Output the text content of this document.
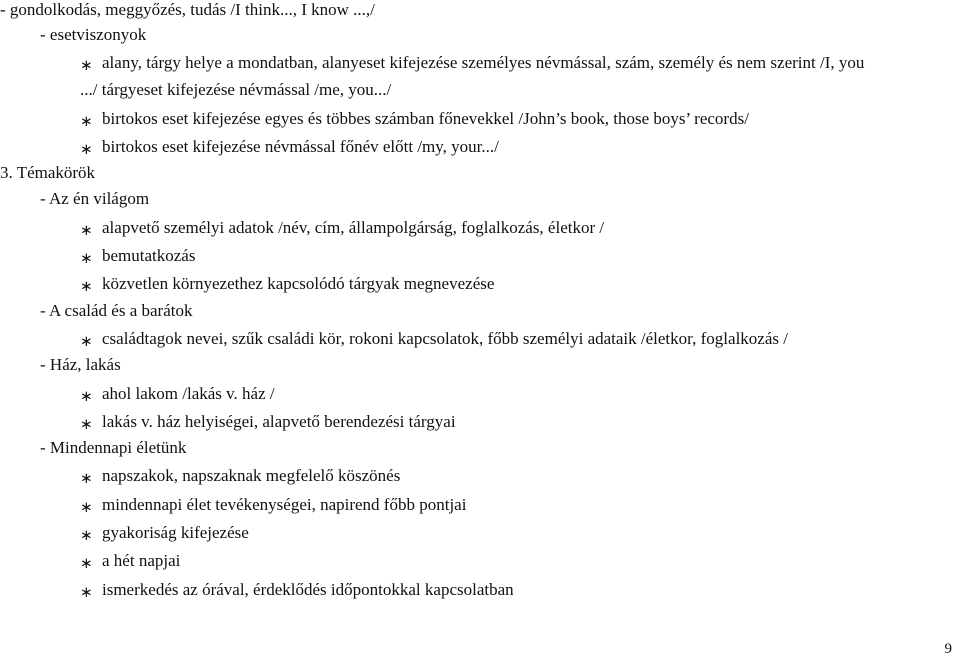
- gondolkodás, meggyőzés, tudás /I think..., I know ...,/
- esetviszonyok
∗ alany, tárgy helye a mondatban, alanyeset kifejezése személyes névmással, szám, személy és nem szerint /I, you
.../ tárgyeset kifejezése névmással /me, you.../
∗ birtokos eset kifejezése egyes és többes számban főnevekkel /John’s book, those boys’ records/
∗ birtokos eset kifejezése névmással főnév előtt /my, your.../
3. Témakörök
- Az én világom
∗ alapvető személyi adatok /név, cím, állampolgárság, foglalkozás, életkor /
∗ bemutatkozás
∗ közvetlen környezethez kapcsolódó tárgyak megnevezése
- A család és a barátok
∗ családtagok nevei, szűk családi kör, rokoni kapcsolatok, főbb személyi adataik /életkor, foglalkozás /
- Ház, lakás
∗ ahol lakom /lakás v. ház /
∗ lakás v. ház helyiségei, alapvető berendezési tárgyai
- Mindennapi életünk
∗ napszakok, napszaknak megfelelő köszönés
∗ mindennapi élet tevékenységei, napirend főbb pontjai
∗ gyakoriság kifejezése
∗ a hét napjai
∗ ismerkedés az órával, érdeklődés időpontokkal kapcsolatban
9
